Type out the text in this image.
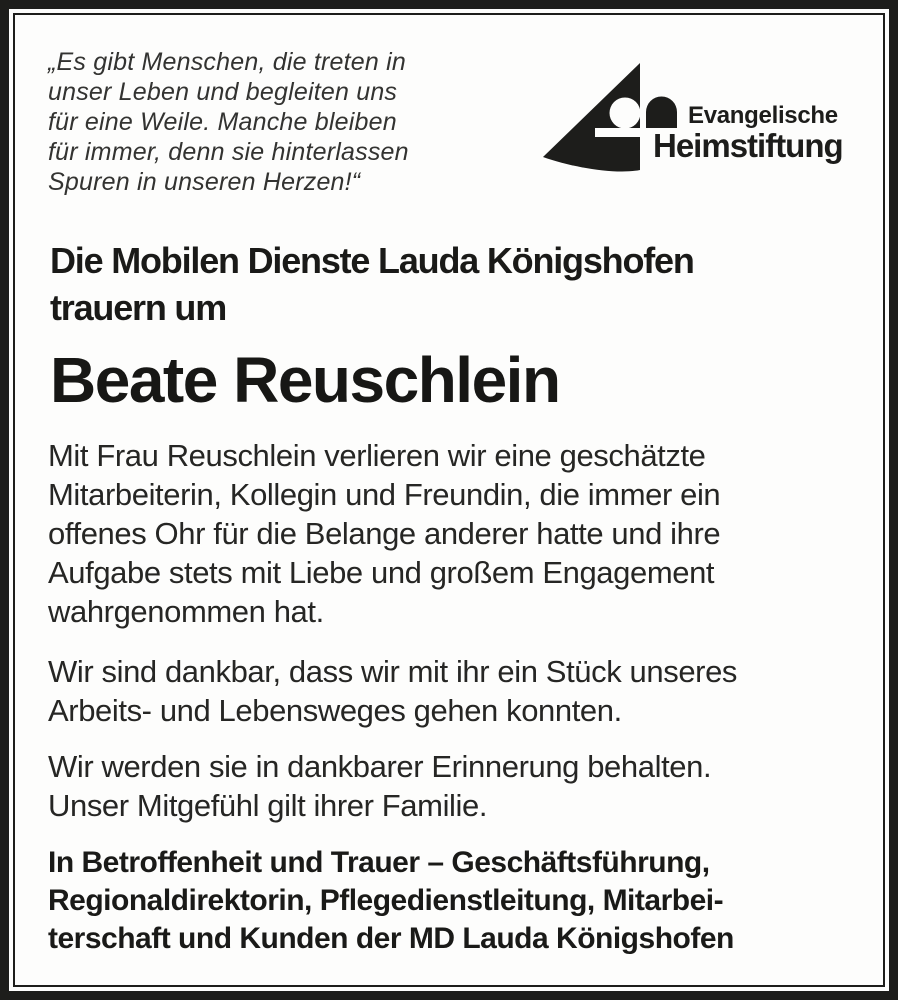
„Es gibt Menschen, die treten in
unser Leben und begleiten uns
für eine Weile. Manche bleiben
für immer, denn sie hinterlassen
Spuren in unseren Herzen!“
Evangelische
Heimstiftung
Die Mobilen Dienste Lauda Königshofen
trauern um
Beate Reuschlein
Mit Frau Reuschlein verlieren wir eine geschätzte
Mitarbeiterin, Kollegin und Freundin, die immer ein
offenes Ohr für die Belange anderer hatte und ihre
Aufgabe stets mit Liebe und großem Engagement
wahrgenommen hat.
Wir sind dankbar, dass wir mit ihr ein Stück unseres
Arbeits- und Lebensweges gehen konnten.
Wir werden sie in dankbarer Erinnerung behalten.
Unser Mitgefühl gilt ihrer Familie.
In Betroffenheit und Trauer – Geschäftsführung,
Regionaldirektorin, Pflegedienstleitung, Mitarbei-
terschaft und Kunden der MD Lauda Königshofen
